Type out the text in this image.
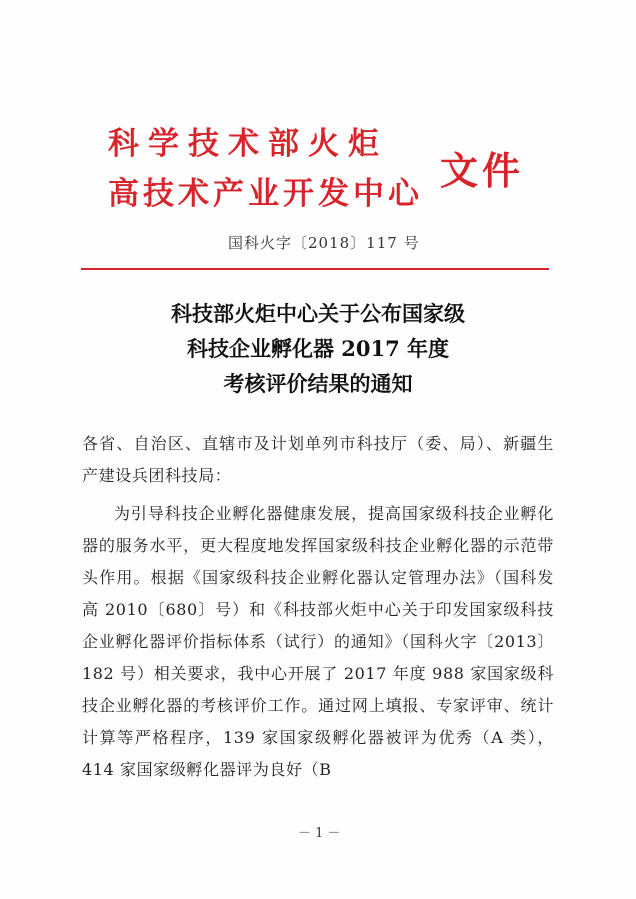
科学技术部火炬
高技术产业开发中心
文件
国科火字〔2018〕117 号
科技部火炬中心关于公布国家级
科技企业孵化器 2017 年度
考核评价结果的通知

各省、自治区、直辖市及计划单列市科技厅（委、局）、新疆生产建设兵团科技局：

为引导科技企业孵化器健康发展，提高国家级科技企业孵化器的服务水平，更大程度地发挥国家级科技企业孵化器的示范带头作用。根据《国家级科技企业孵化器认定管理办法》（国科发高 2010〔680〕号）和《科技部火炬中心关于印发国家级科技企业孵化器评价指标体系（试行）的通知》（国科火字〔2013〕182 号）相关要求，我中心开展了 2017 年度 988 家国家级科技企业孵化器的考核评价工作。通过网上填报、专家评审、统计计算等严格程序，139 家国家级孵化器被评为优秀（A 类），414 家国家级孵化器评为良好（B

－ 1 －
